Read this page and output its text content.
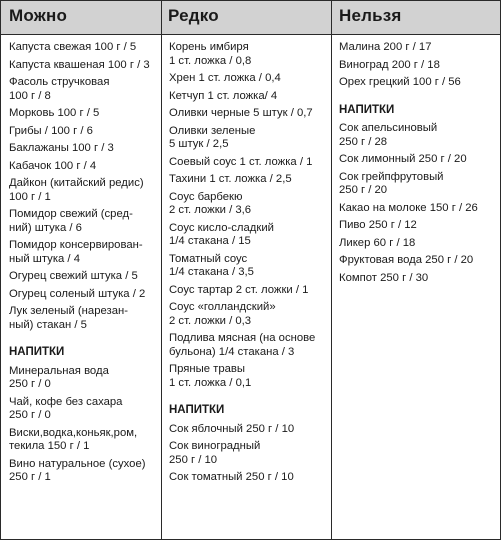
Можно	Редко	Нельзя
Капуста свежая 100 г / 5
Капуста квашеная 100 г / 3
Фасоль стручковая
100 г / 8
Морковь 100 г / 5
Грибы / 100 г / 6
Баклажаны 100 г / 3
Кабачок 100 г / 4
Дайкон (китайский редис)
100 г / 1
Помидор свежий (сред-
ний) штука / 6
Помидор консервирован-
ный штука / 4
Огурец свежий штука / 5
Огурец соленый штука / 2
Лук зеленый (нарезан-
ный) стакан / 5
НАПИТКИ
Минеральная вода
250 г / 0
Чай, кофе без сахара
250 г / 0
Виски,водка,коньяк,ром,
текила 150 г / 1
Вино натуральное (сухое)
250 г / 1
Корень имбиря
1 ст. ложка / 0,8
Хрен 1 ст. ложка / 0,4
Кетчуп 1 ст. ложка/ 4
Оливки черные 5 штук / 0,7
Оливки зеленые
5 штук / 2,5
Соевый соус 1 ст. ложка / 1
Тахини 1 ст. ложка / 2,5
Соус барбекю
2 ст. ложки / 3,6
Соус кисло-сладкий
1/4 стакана / 15
Томатный соус
1/4 стакана / 3,5
Соус тартар 2 ст. ложки / 1
Соус «голландский»
2 ст. ложки / 0,3
Подлива мясная (на основе
бульона) 1/4 стакана / 3
Пряные травы
1 ст. ложка / 0,1
НАПИТКИ
Сок яблочный 250 г / 10
Сок виноградный
250 г / 10
Сок томатный 250 г / 10
Малина 200 г / 17
Виноград 200 г / 18
Орех грецкий 100 г / 56
НАПИТКИ
Сок апельсиновый
250 г / 28
Сок лимонный 250 г / 20
Сок грейпфрутовый
250 г / 20
Какао на молоке 150 г / 26
Пиво 250 г / 12
Ликер 60 г / 18
Фруктовая вода 250 г / 20
Компот 250 г / 30
